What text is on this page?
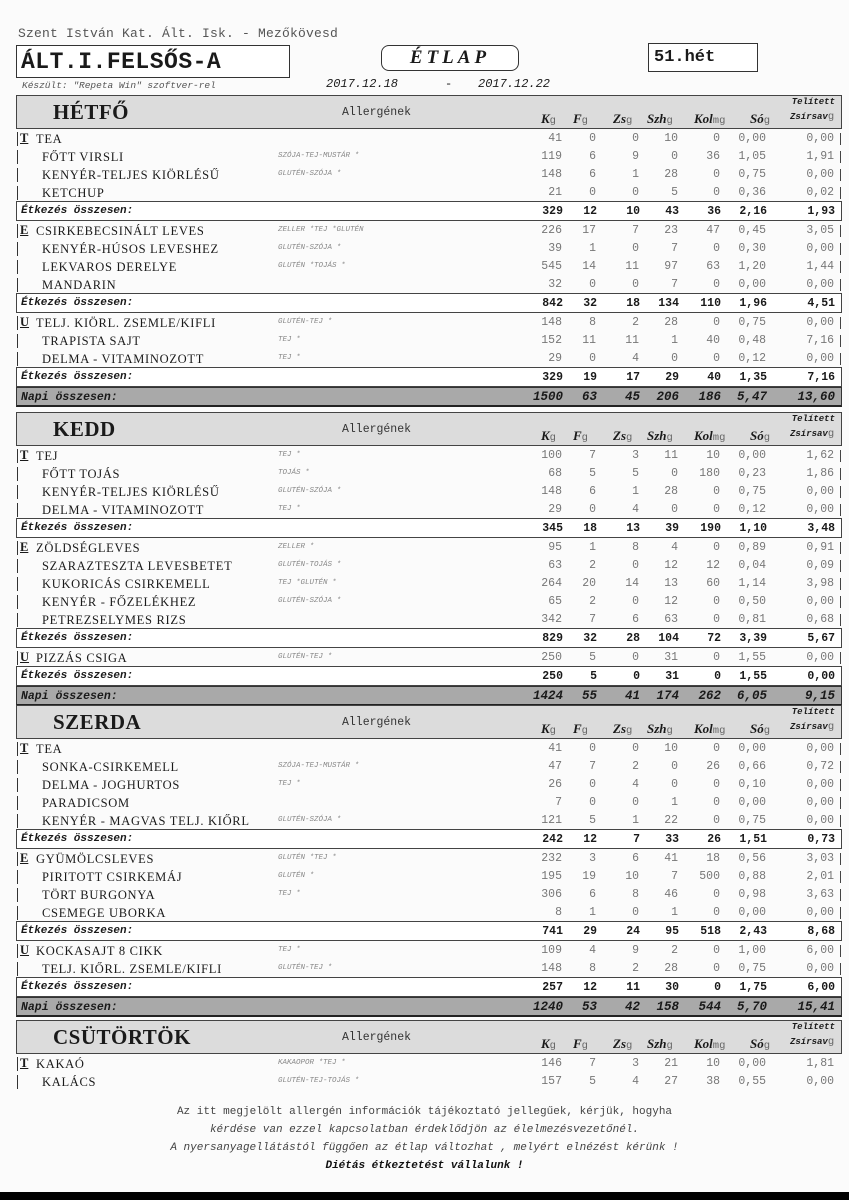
Szent István Kat. Ált. Isk. - Mezőkövesd
ÁLT.I.FELSŐS-A	ÉTLAP	51.hét
Készült: "Repeta Win" szoftver-rel	2017.12.18	- 2017.12.22
HÉTFŐ	Allergének
Telített
Kg Fg Zsg Szhg Kolmg Sóg Zsírsavg
T TEA	41	0	0	10	0	0,00	0,00
FŐTT VIRSLI	SZÓJA-TEJ-MUSTÁR *	119	6	9	0	36	1,05	1,91
KENYÉR-TELJES KIÖRLÉSŰ	GLUTÉN-SZÓJA *	148	6	1	28	0	0,75	0,00
KETCHUP	21	0	0	5	0	0,36	0,02
Étkezés összesen:	329	12	10	43	36	2,16	1,93
E CSIRKEBECSINÁLT LEVES	ZELLER *TEJ *GLUTÉN	226	17	7	23	47	0,45	3,05
KENYÉR-HÚSOS LEVESHEZ	GLUTÉN-SZÓJA *	39	1	0	7	0	0,30	0,00
LEKVAROS DERELYE	GLUTÉN *TOJÁS *	545	14	11	97	63	1,20	1,44
MANDARIN	32	0	0	7	0	0,00	0,00
Étkezés összesen:	842	32	18	134	110	1,96	4,51
U TELJ. KIÖRL. ZSEMLE/KIFLI	GLUTÉN-TEJ *	148	8	2	28	0	0,75	0,00
TRAPISTA SAJT	TEJ *	152	11	11	1	40	0,48	7,16
DELMA - VITAMINOZOTT	TEJ *	29	0	4	0	0	0,12	0,00
Étkezés összesen:	329	19	17	29	40	1,35	7,16
Napi összesen:	1500	63	45	206	186	5,47	13,60
KEDD	Allergének
Telített
Kg Fg Zsg Szhg Kolmg Sóg Zsírsavg
T TEJ	TEJ *	100	7	3	11	10	0,00	1,62
FŐTT TOJÁS	TOJÁS *	68	5	5	0	180	0,23	1,86
KENYÉR-TELJES KIÖRLÉSŰ	GLUTÉN-SZÓJA *	148	6	1	28	0	0,75	0,00
DELMA - VITAMINOZOTT	TEJ *	29	0	4	0	0	0,12	0,00
Étkezés összesen:	345	18	13	39	190	1,10	3,48
E ZÖLDSÉGLEVES	ZELLER *	95	1	8	4	0	0,89	0,91
SZARAZTESZTA LEVESBETET	GLUTÉN-TOJÁS *	63	2	0	12	12	0,04	0,09
KUKORICÁS CSIRKEMELL	TEJ *GLUTÉN *	264	20	14	13	60	1,14	3,98
KENYÉR - FŐZELÉKHEZ	GLUTÉN-SZÓJA *	65	2	0	12	0	0,50	0,00
PETREZSELYMES RIZS	342	7	6	63	0	0,81	0,68
Étkezés összesen:	829	32	28	104	72	3,39	5,67
U PIZZÁS CSIGA	GLUTÉN-TEJ *	250	5	0	31	0	1,55	0,00
Étkezés összesen:	250	5	0	31	0	1,55	0,00
Napi összesen:	1424	55	41	174	262	6,05	9,15
SZERDA	Allergének
Telített
Kg Fg Zsg Szhg Kolmg Sóg Zsírsavg
T TEA	41	0	0	10	0	0,00	0,00
SONKA-CSIRKEMELL	SZÓJA-TEJ-MUSTÁR *	47	7	2	0	26	0,66	0,72
DELMA - JOGHURTOS	TEJ *	26	0	4	0	0	0,10	0,00
PARADICSOM	7	0	0	1	0	0,00	0,00
KENYÉR - MAGVAS TELJ. KIŐRL	GLUTÉN-SZÓJA *	121	5	1	22	0	0,75	0,00
Étkezés összesen:	242	12	7	33	26	1,51	0,73
E GYÜMÖLCSLEVES	GLUTÉN *TEJ *	232	3	6	41	18	0,56	3,03
PIRITOTT CSIRKEMÁJ	GLUTÉN *	195	19	10	7	500	0,88	2,01
TÖRT BURGONYA	TEJ *	306	6	8	46	0	0,98	3,63
CSEMEGE UBORKA	8	1	0	1	0	0,00	0,00
Étkezés összesen:	741	29	24	95	518	2,43	8,68
U KOCKASAJT 8 CIKK	TEJ *	109	4	9	2	0	1,00	6,00
TELJ. KIŐRL. ZSEMLE/KIFLI	GLUTÉN-TEJ *	148	8	2	28	0	0,75	0,00
Étkezés összesen:	257	12	11	30	0	1,75	6,00
Napi összesen:	1240	53	42	158	544	5,70	15,41
CSÜTÖRTÖK	Allergének
Telített
Kg Fg Zsg Szhg Kolmg Sóg Zsírsavg
T KAKAÓ	KAKAOPOR *TEJ *	146	7	3	21	10	0,00	1,81
KALÁCS	GLUTÉN-TEJ-TOJÁS *	157	5	4	27	38	0,55	0,00
Az itt megjelölt allergén információk tájékoztató jellegűek, kérjük, hogyha
kérdése van ezzel kapcsolatban érdeklődjön az élelmezésvezetőnél.
A nyersanyagellátástól függően az étlap változhat , melyért elnézést kérünk !
Diétás étkeztetést vállalunk !
